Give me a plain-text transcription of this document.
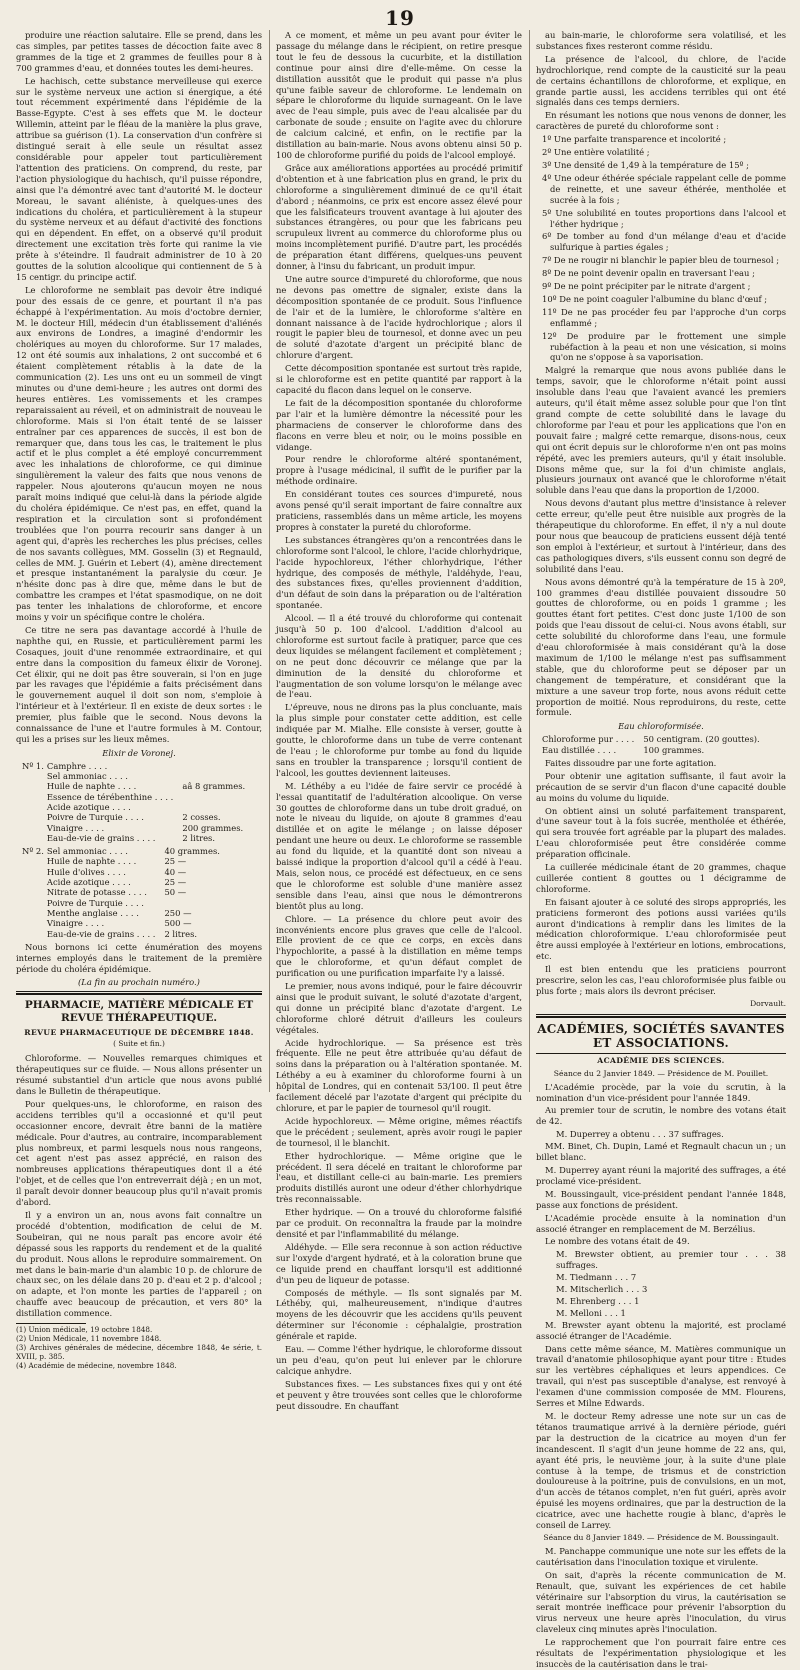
19

produire une réaction salutaire. Elle se prend, dans les cas simples, par petites tasses de décoction faite avec 8 grammes de la tige et 2 grammes de feuilles pour 8 à 700 grammes d'eau, et données toutes les demi-heures.

Le hachisch, cette substance merveilleuse qui exerce sur le système nerveux une action si énergique, a été tout récemment expérimenté dans l'épidémie de la Basse-Egypte. C'est à ses effets que M. le docteur Willemin, atteint par le fléau de la manière la plus grave, attribue sa guérison (1). La conservation d'un confrère si distingué serait à elle seule un résultat assez considérable pour appeler tout particulièrement l'attention des praticiens. On comprend, du reste, par l'action physiologique du hachisch, qu'il puisse répondre, ainsi que l'a démontré avec tant d'autorité M. le docteur Moreau, le savant aliéniste, à quelques-unes des indications du choléra, et particulièrement à la stupeur du système nerveux et au défaut d'activité des fonctions qui en dépendent. En effet, on a observé qu'il produit directement une excitation très forte qui ranime la vie prête à s'éteindre. Il faudrait administrer de 10 à 20 gouttes de la solution alcoolique qui contiennent de 5 à 15 centigr. du principe actif.

Le chloroforme ne semblait pas devoir être indiqué pour des essais de ce genre, et pourtant il n'a pas échappé à l'expérimentation. Au mois d'octobre dernier, M. le docteur Hill, médecin d'un établissement d'aliénés aux environs de Londres, a imaginé d'endormir les cholériques au moyen du chloroforme. Sur 17 malades, 12 ont été soumis aux inhalations, 2 ont succombé et 6 étaient complètement rétablis à la date de la communication (2). Les uns ont eu un sommeil de vingt minutes ou d'une demi-heure ; les autres ont dormi des heures entières. Les vomissements et les crampes reparaissaient au réveil, et on administrait de nouveau le chloroforme. Mais si l'on était tenté de se laisser entraîner par ces apparences de succès, il est bon de remarquer que, dans tous les cas, le traitement le plus actif et le plus complet a été employé concurremment avec les inhalations de chloroforme, ce qui diminue singulièrement la valeur des faits que nous venons de rappeler. Nous ajouterons qu'aucun moyen ne nous paraît moins indiqué que celui-là dans la période algide du choléra épidémique. Ce n'est pas, en effet, quand la respiration et la circulation sont si profondément troublées que l'on pourra recourir sans danger à un agent qui, d'après les recherches les plus précises, celles de nos savants collègues, MM. Gosselin (3) et Regnauld, celles de MM. J. Guérin et Lebert (4), amène directement et presque instantanément la paralysie du cœur. Je n'hésite donc pas à dire que, même dans le but de combattre les crampes et l'état spasmodique, on ne doit pas tenter les inhalations de chloroforme, et encore moins y voir un spécifique contre le choléra.

Ce titre ne sera pas davantage accordé à l'huile de naphthe qui, en Russie, et particulièrement parmi les Cosaques, jouit d'une renommée extraordinaire, et qui entre dans la composition du fameux élixir de Voronej. Cet élixir, qui ne doit pas être souverain, si l'on en juge par les ravages que l'épidémie a faits précisément dans le gouvernement auquel il doit son nom, s'emploie à l'intérieur et à l'extérieur. Il en existe de deux sortes : le premier, plus faible que le second. Nous devons la connaissance de l'une et l'autre formules à M. Contour, qui les a prises sur les lieux mêmes.

Elixir de Voronej.
Nº 1.	Camphre . . . .	
	Sel ammoniac . . . .	
	Huile de naphte . . . .	aâ 8 grammes.
	Essence de térébenthine . . . .	
	Acide azotique . . . .	
	Poivre de Turquie . . . .	2 cosses.
	Vinaigre . . . .	200 grammes.
	Eau-de-vie de grains . . . .	2 litres.
Nº 2.	Sel ammoniac . . . .	40 grammes.
	Huile de naphte . . . .	25 —
	Huile d'olives . . . .	40 —
	Acide azotique . . . .	25 —
	Nitrate de potasse . . . .	50 —
	Poivre de Turquie . . . .	
	Menthe anglaise . . . .	250 —
	Vinaigre . . . .	500 —
	Eau-de-vie de grains . . . .	2 litres.

Nous bornons ici cette énumération des moyens internes employés dans le traitement de la première période du choléra épidémique.

(La fin au prochain numéro.)

PHARMACIE, MATIÈRE MÉDICALE ET REVUE THÉRAPEUTIQUE.
REVUE PHARMACEUTIQUE DE DÉCEMBRE 1848.
( Suite et fin.)

Chloroforme. — Nouvelles remarques chimiques et thérapeutiques sur ce fluide. — Nous allons présenter un résumé substantiel d'un article que nous avons publié dans le Bulletin de thérapeutique.

Pour quelques-uns, le chloroforme, en raison des accidens terribles qu'il a occasionné et qu'il peut occasionner encore, devrait être banni de la matière médicale. Pour d'autres, au contraire, incomparablement plus nombreux, et parmi lesquels nous nous rangeons, cet agent n'est pas assez apprécié, en raison des nombreuses applications thérapeutiques dont il a été l'objet, et de celles que l'on entreverrait déjà ; en un mot, il paraît devoir donner beaucoup plus qu'il n'avait promis d'abord.

Il y a environ un an, nous avons fait connaître un procédé d'obtention, modification de celui de M. Soubeiran, qui ne nous paraît pas encore avoir été dépassé sous les rapports du rendement et de la qualité du produit. Nous allons le reproduire sommairement. On met dans le bain-marie d'un alambic 10 p. de chlorure de chaux sec, on les délaie dans 20 p. d'eau et 2 p. d'alcool ; on adapte, et l'on monte les parties de l'appareil ; on chauffe avec beaucoup de précaution, et vers 80° la distillation commence.

(1) Union médicale, 19 octobre 1848.

(2) Union Médicale, 11 novembre 1848.

(3) Archives générales de médecine, décembre 1848, 4e série, t. XVIII, p. 385.

(4) Académie de médecine, novembre 1848.

A ce moment, et même un peu avant pour éviter le passage du mélange dans le récipient, on retire presque tout le feu de dessous la cucurbite, et la distillation continue pour ainsi dire d'elle-même. On cesse la distillation aussitôt que le produit qui passe n'a plus qu'une faible saveur de chloroforme. Le lendemain on sépare le chloroforme du liquide surnageant. On le lave avec de l'eau simple, puis avec de l'eau alcalisée par du carbonate de soude ; ensuite on l'agite avec du chlorure de calcium calciné, et enfin, on le rectifie par la distillation au bain-marie. Nous avons obtenu ainsi 50 p. 100 de chloroforme purifié du poids de l'alcool employé.

Grâce aux améliorations apportées au procédé primitif d'obtention et à une fabrication plus en grand, le prix du chloroforme a singulièrement diminué de ce qu'il était d'abord ; néanmoins, ce prix est encore assez élevé pour que les falsificateurs trouvent avantage à lui ajouter des substances étrangères, ou pour que les fabricans peu scrupuleux livrent au commerce du chloroforme plus ou moins incomplètement purifié. D'autre part, les procédés de préparation étant différens, quelques-uns peuvent donner, à l'insu du fabricant, un produit impur.

Une autre source d'impureté du chloroforme, que nous ne devons pas omettre de signaler, existe dans la décomposition spontanée de ce produit. Sous l'influence de l'air et de la lumière, le chloroforme s'altère en donnant naissance à de l'acide hydrochlorique ; alors il rougit le papier bleu de tournesol, et donne avec un peu de soluté d'azotate d'argent un précipité blanc de chlorure d'argent.

Cette décomposition spontanée est surtout très rapide, si le chloroforme est en petite quantité par rapport à la capacité du flacon dans lequel on le conserve.

Le fait de la décomposition spontanée du chloroforme par l'air et la lumière démontre la nécessité pour les pharmaciens de conserver le chloroforme dans des flacons en verre bleu et noir, ou le moins possible en vidange.

Pour rendre le chloroforme altéré spontanément, propre à l'usage médicinal, il suffit de le purifier par la méthode ordinaire.

En considérant toutes ces sources d'impureté, nous avons pensé qu'il serait important de faire connaître aux praticiens, rassemblés dans un même article, les moyens propres à constater la pureté du chloroforme.

Les substances étrangères qu'on a rencontrées dans le chloroforme sont l'alcool, le chlore, l'acide chlorhydrique, l'acide hypochloreux, l'éther chlorhydrique, l'éther hydrique, des composés de méthyle, l'aldéhyde, l'eau, des substances fixes, qu'elles proviennent d'addition, d'un défaut de soin dans la préparation ou de l'altération spontanée.

Alcool. — Il a été trouvé du chloroforme qui contenait jusqu'à 50 p. 100 d'alcool. L'addition d'alcool au chloroforme est surtout facile à pratiquer, parce que ces deux liquides se mélangent facilement et complètement ; on ne peut donc découvrir ce mélange que par la diminution de la densité du chloroforme et l'augmentation de son volume lorsqu'on le mélange avec de l'eau.

L'épreuve, nous ne dirons pas la plus concluante, mais la plus simple pour constater cette addition, est celle indiquée par M. Mialhe. Elle consiste à verser, goutte à goutte, le chloroforme dans un tube de verre contenant de l'eau ; le chloroforme pur tombe au fond du liquide sans en troubler la transparence ; lorsqu'il contient de l'alcool, les gouttes deviennent laiteuses.

M. Léthéby a eu l'idée de faire servir ce procédé à l'essai quantitatif de l'adultération alcoolique. On verse 30 gouttes de chloroforme dans un tube droit gradué, on note le niveau du liquide, on ajoute 8 grammes d'eau distillée et on agite le mélange ; on laisse déposer pendant une heure ou deux. Le chloroforme se rassemble au fond du liquide, et la quantité dont son niveau a baissé indique la proportion d'alcool qu'il a cédé à l'eau. Mais, selon nous, ce procédé est défectueux, en ce sens que le chloroforme est soluble d'une manière assez sensible dans l'eau, ainsi que nous le démontrerons bientôt plus au long.

Chlore. — La présence du chlore peut avoir des inconvénients encore plus graves que celle de l'alcool. Elle provient de ce que ce corps, en excès dans l'hypochlorite, a passé à la distillation en même temps que le chloroforme, et qu'un défaut complet de purification ou une purification imparfaite l'y a laissé.

Le premier, nous avons indiqué, pour le faire découvrir ainsi que le produit suivant, le soluté d'azotate d'argent, qui donne un précipité blanc d'azotate d'argent. Le chloroforme chloré détruit d'ailleurs les couleurs végétales.

Acide hydrochlorique. — Sa présence est très fréquente. Elle ne peut être attribuée qu'au défaut de soins dans la préparation ou à l'altération spontanée. M. Léthéby a eu à examiner du chloroforme fourni à un hôpital de Londres, qui en contenait 53/100. Il peut être facilement décelé par l'azotate d'argent qui précipite du chlorure, et par le papier de tournesol qu'il rougit.

Acide hypochloreux. — Même origine, mêmes réactifs que le précédent ; seulement, après avoir rougi le papier de tournesol, il le blanchit.

Ether hydrochlorique. — Même origine que le précédent. Il sera décelé en traitant le chloroforme par l'eau, et distillant celle-ci au bain-marie. Les premiers produits distillés auront une odeur d'éther chlorhydrique très reconnaissable.

Ether hydrique. — On a trouvé du chloroforme falsifié par ce produit. On reconnaîtra la fraude par la moindre densité et par l'inflammabilité du mélange.

Aldéhyde. — Elle sera reconnue à son action réductive sur l'oxyde d'argent hydraté, et à la coloration brune que ce liquide prend en chauffant lorsqu'il est additionné d'un peu de liqueur de potasse.

Composés de méthyle. — Ils sont signalés par M. Léthéby, qui, malheureusement, n'indique d'autres moyens de les découvrir que les accidens qu'ils peuvent déterminer sur l'économie : céphalalgie, prostration générale et rapide.

Eau. — Comme l'éther hydrique, le chloroforme dissout un peu d'eau, qu'on peut lui enlever par le chlorure calcique anhydre.

Substances fixes. — Les substances fixes qui y ont été et peuvent y être trouvées sont celles que le chloroforme peut dissoudre. En chauffant

au bain-marie, le chloroforme sera volatilisé, et les substances fixes resteront comme résidu.

La présence de l'alcool, du chlore, de l'acide hydrochlorique, rend compte de la causticité sur la peau de certains échantillons de chloroforme, et explique, en grande partie aussi, les accidens terribles qui ont été signalés dans ces temps derniers.

En résumant les notions que nous venons de donner, les caractères de pureté du chloroforme sont :

1º Une parfaite transparence et incolorité ;

2º Une entière volatilité ;

3º Une densité de 1,49 à la température de 15º ;

4º Une odeur éthérée spéciale rappelant celle de pomme de reinette, et une saveur éthérée, mentholée et sucrée à la fois ;

5º Une solubilité en toutes proportions dans l'alcool et l'éther hydrique ;

6º De tomber au fond d'un mélange d'eau et d'acide sulfurique à parties égales ;

7º De ne rougir ni blanchir le papier bleu de tournesol ;

8º De ne point devenir opalin en traversant l'eau ;

9º De ne point précipiter par le nitrate d'argent ;

10º De ne point coaguler l'albumine du blanc d'œuf ;

11º De ne pas procéder feu par l'approche d'un corps enflammé ;

12º De produire par le frottement une simple rubéfaction à la peau et non une vésication, si moins qu'on ne s'oppose à sa vaporisation.

Malgré la remarque que nous avons publiée dans le temps, savoir, que le chloroforme n'était point aussi insoluble dans l'eau que l'avaient avancé les premiers auteurs, qu'il était même assez soluble pour que l'on tînt grand compte de cette solubilité dans le lavage du chloroforme par l'eau et pour les applications que l'on en pouvait faire ; malgré cette remarque, disons-nous, ceux qui ont écrit depuis sur le chloroforme n'en ont pas moins répété, avec les premiers auteurs, qu'il y était insoluble. Disons même que, sur la foi d'un chimiste anglais, plusieurs journaux ont avancé que le chloroforme n'était soluble dans l'eau que dans la proportion de 1/2000.

Nous devons d'autant plus mettre d'insistance à relever cette erreur, qu'elle peut être nuisible aux progrès de la thérapeutique du chloroforme. En effet, il n'y a nul doute pour nous que beaucoup de praticiens eussent déjà tenté son emploi à l'extérieur, et surtout à l'intérieur, dans des cas pathologiques divers, s'ils eussent connu son degré de solubilité dans l'eau.

Nous avons démontré qu'à la température de 15 à 20º, 100 grammes d'eau distillée pouvaient dissoudre 50 gouttes de chloroforme, ou en poids 1 gramme ; les gouttes étant fort petites. C'est donc juste 1/100 de son poids que l'eau dissout de celui-ci. Nous avons établi, sur cette solubilité du chloroforme dans l'eau, une formule d'eau chloroformisée à mais considérant qu'à la dose maximum de 1/100 le mélange n'est pas suffisamment stable, que du chloroforme peut se déposer par un changement de température, et considérant que la mixture a une saveur trop forte, nous avons réduit cette proportion de moitié. Nous reproduirons, du reste, cette formule.

Eau chloroformisée.
Chloroforme pur . . . .	50 centigram. (20 gouttes).
Eau distillée . . . .	100 grammes.

Faites dissoudre par une forte agitation.

Pour obtenir une agitation suffisante, il faut avoir la précaution de se servir d'un flacon d'une capacité double au moins du volume du liquide.

On obtient ainsi un soluté parfaitement transparent, d'une saveur tout à la fois sucrée, mentholée et éthérée, qui sera trouvée fort agréable par la plupart des malades. L'eau chloroformisée peut être considérée comme préparation officinale.

La cuillerée médicinale étant de 20 grammes, chaque cuillerée contient 8 gouttes ou 1 décigramme de chloroforme.

En faisant ajouter à ce soluté des sirops appropriés, les praticiens formeront des potions aussi variées qu'ils auront d'indications à remplir dans les limites de la médication chloroformique. L'eau chloroformisée peut être aussi employée à l'extérieur en lotions, embrocations, etc.

Il est bien entendu que les praticiens pourront prescrire, selon les cas, l'eau chloroformisée plus faible ou plus forte ; mais alors ils devront préciser.

Dorvault.

ACADÉMIES, SOCIÉTÉS SAVANTES ET ASSOCIATIONS.
ACADÉMIE DES SCIENCES.

Séance du 2 Janvier 1849. — Présidence de M. Pouillet.

L'Académie procède, par la voie du scrutin, à la nomination d'un vice-président pour l'année 1849.

Au premier tour de scrutin, le nombre des votans était de 42.

M. Duperrey a obtenu . . . 37 suffrages.

MM. Binet, Ch. Dupin, Lamé et Regnault chacun un ; un billet blanc.

M. Duperrey ayant réuni la majorité des suffrages, a été proclamé vice-président.

M. Boussingault, vice-président pendant l'année 1848, passe aux fonctions de président.

L'Académie procède ensuite à la nomination d'un associé étranger en remplacement de M. Berzélius.

Le nombre des votans était de 49.

M. Brewster obtient, au premier tour . . . 38 suffrages.

M. Tiedmann . . . 7

M. Mitscherlich . . . 3

M. Ehrenberg . . . 1

M. Melloni . . . 1

M. Brewster ayant obtenu la majorité, est proclamé associé étranger de l'Académie.

Dans cette même séance, M. Matières communique un travail d'anatomie philosophique ayant pour titre : Etudes sur les vertèbres céphaliques et leurs appendices. Ce travail, qui n'est pas susceptible d'analyse, est renvoyé à l'examen d'une commission composée de MM. Flourens, Serres et Milne Edwards.

M. le docteur Remy adresse une note sur un cas de tétanos traumatique arrivé à la dernière période, guéri par la destruction de la cicatrice au moyen d'un fer incandescent. Il s'agit d'un jeune homme de 22 ans, qui, ayant été pris, le neuvième jour, à la suite d'une plaie contuse à la tempe, de trismus et de constriction douloureuse à la poitrine, puis de convulsions, en un mot, d'un accès de tétanos complet, n'en fut guéri, après avoir épuisé les moyens ordinaires, que par la destruction de la cicatrice, avec une hachette rougie à blanc, d'après le conseil de Larrey.

Séance du 8 Janvier 1849. — Présidence de M. Boussingault.

M. Panchappe communique une note sur les effets de la cautérisation dans l'inoculation toxique et virulente.

On sait, d'après la récente communication de M. Renault, que, suivant les expériences de cet habile vétérinaire sur l'absorption du virus, la cautérisation se serait montrée inefficace pour prévenir l'absorption du virus nerveux une heure après l'inoculation, du virus claveleux cinq minutes après l'inoculation.

Le rapprochement que l'on pourrait faire entre ces résultats de l'expérimentation physiologique et les insuccès de la cautérisation dans le trai-
